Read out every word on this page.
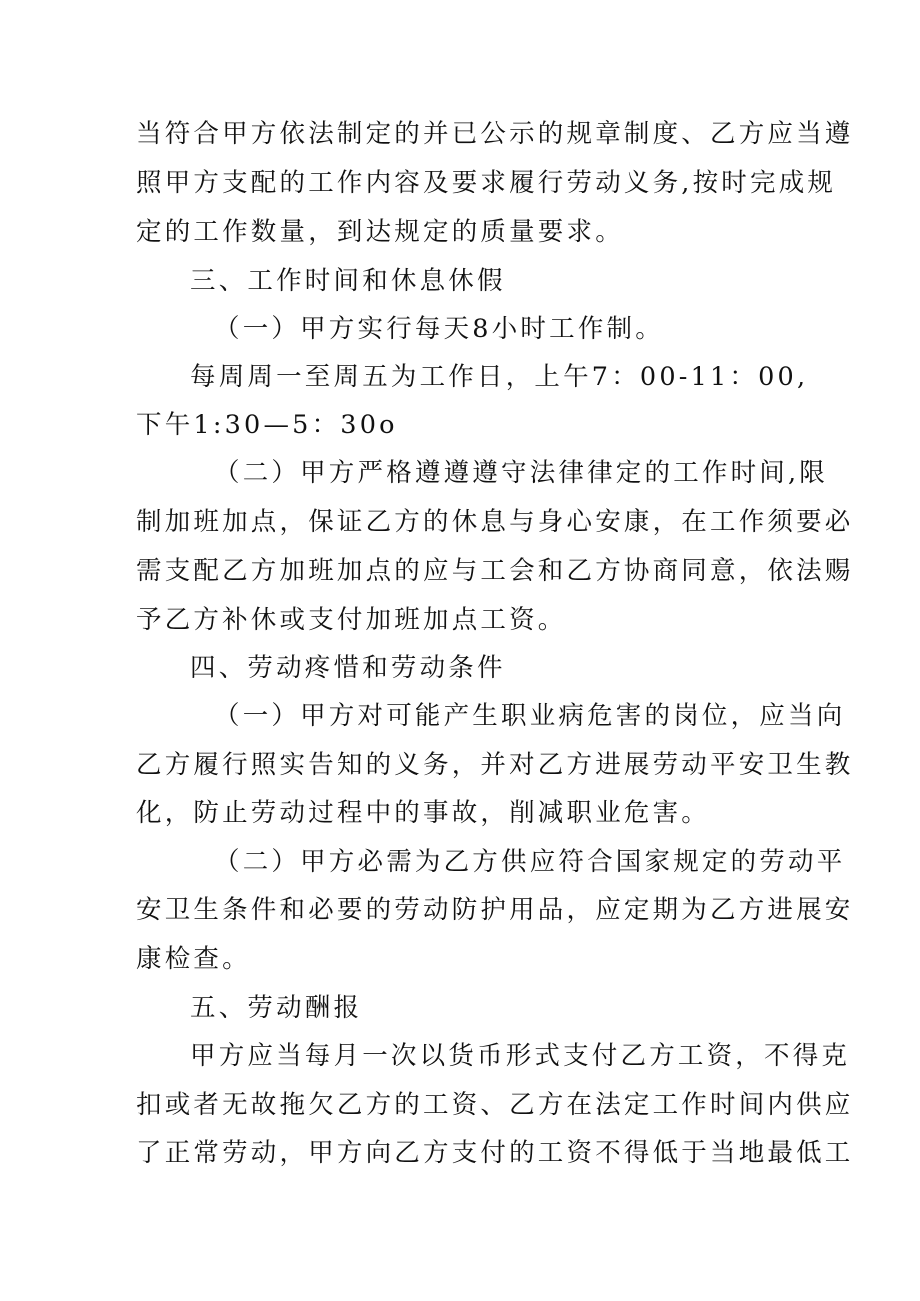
当符合甲方依法制定的并已公示的规章制度、乙方应当遵
照甲方支配的工作内容及要求履行劳动义务,按时完成规
定的工作数量，到达规定的质量要求。
三、工作时间和休息休假
（一）甲方实行每天8小时工作制。
每周周一至周五为工作日，上午7：00-11：00,
下午1:30—5：30o
（二）甲方严格遵遵遵守法律律定的工作时间,限
制加班加点，保证乙方的休息与身心安康，在工作须要必
需支配乙方加班加点的应与工会和乙方协商同意，依法赐
予乙方补休或支付加班加点工资。
四、劳动疼惜和劳动条件
（一）甲方对可能产生职业病危害的岗位，应当向
乙方履行照实告知的义务，并对乙方进展劳动平安卫生教
化，防止劳动过程中的事故，削减职业危害。
（二）甲方必需为乙方供应符合国家规定的劳动平
安卫生条件和必要的劳动防护用品，应定期为乙方进展安
康检查。
五、劳动酬报
甲方应当每月一次以货币形式支付乙方工资，不得克
扣或者无故拖欠乙方的工资、乙方在法定工作时间内供应
了正常劳动，甲方向乙方支付的工资不得低于当地最低工
